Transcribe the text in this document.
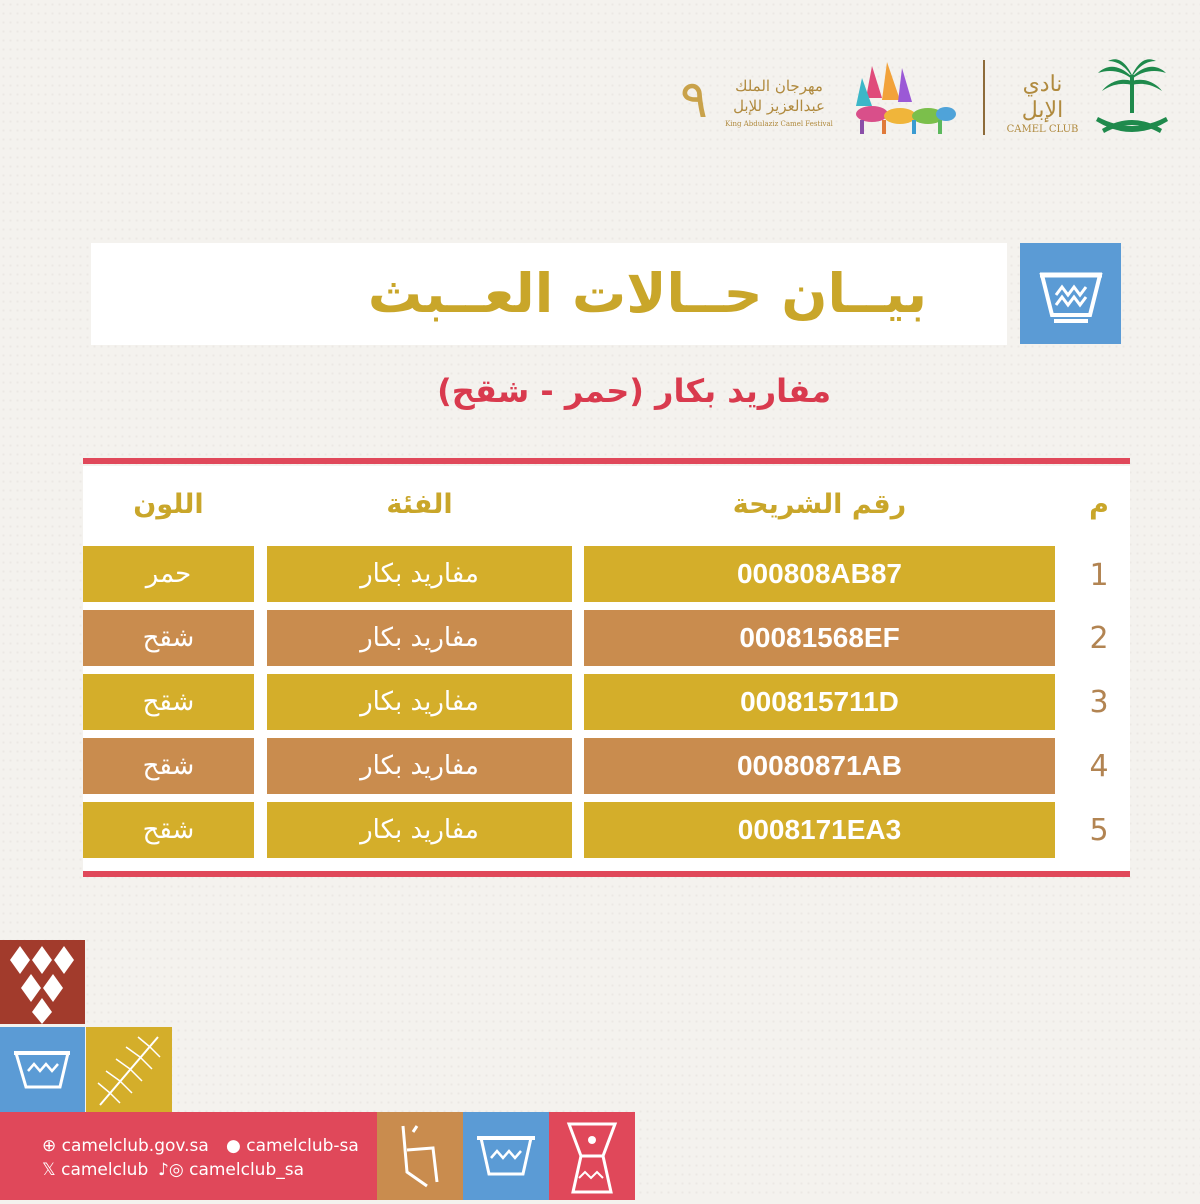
نادي الإبل
CAMEL CLUB
مهرجان الملك عبدالعزيز للإبل
King Abdulaziz Camel Festival
٩
بيــان حــالات العــبث
مفاريد بكار (حمر - شقح)
م
رقم الشريحة
الفئة
اللون
1
000808AB87
مفاريد بكار
حمر
2
00081568EF
مفاريد بكار
شقح
3
000815711D
مفاريد بكار
شقح
4
00080871AB
مفاريد بكار
شقح
5
0008171EA3
مفاريد بكار
شقح
⊕ camelclub.gov.sa ● camelclub-sa
𝕏 camelclub ♪◎ camelclub_sa
